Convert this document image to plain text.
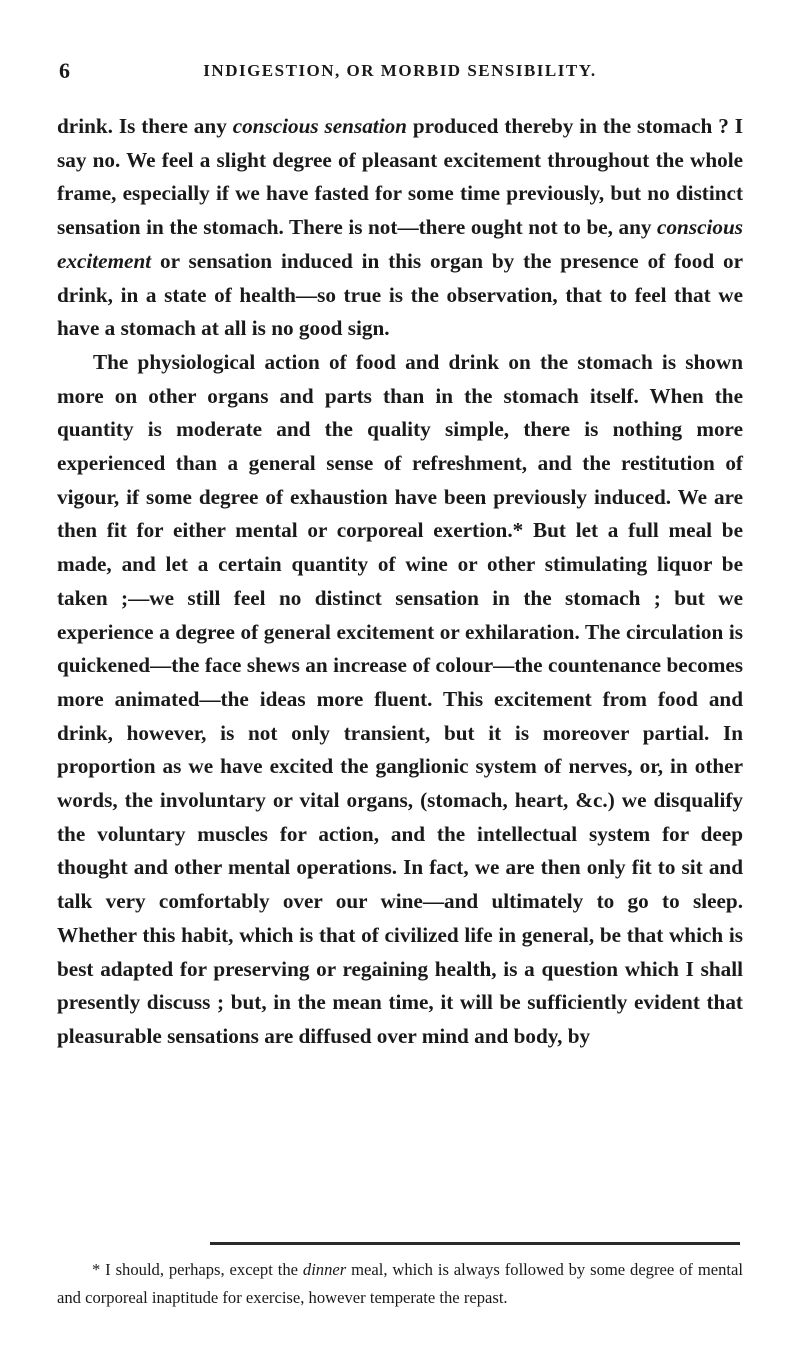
6	INDIGESTION, OR MORBID SENSIBILITY.

drink. Is there any conscious sensation produced thereby in the stomach ? I say no. We feel a slight degree of pleasant excitement throughout the whole frame, especially if we have fasted for some time previously, but no distinct sensation in the stomach. There is not—there ought not to be, any conscious excitement or sensation induced in this organ by the presence of food or drink, in a state of health—so true is the observation, that to feel that we have a stomach at all is no good sign.

The physiological action of food and drink on the stomach is shown more on other organs and parts than in the stomach itself. When the quantity is moderate and the quality simple, there is nothing more experienced than a general sense of refreshment, and the restitution of vigour, if some degree of exhaustion have been previously induced. We are then fit for either mental or corporeal exertion.* But let a full meal be made, and let a certain quantity of wine or other stimulating liquor be taken ;—we still feel no distinct sensation in the stomach ; but we experience a degree of general excitement or exhilaration. The circulation is quickened—the face shews an increase of colour—the countenance becomes more animated—the ideas more fluent. This excitement from food and drink, however, is not only transient, but it is moreover partial. In proportion as we have excited the ganglionic system of nerves, or, in other words, the involuntary or vital organs, (stomach, heart, &c.) we disqualify the voluntary muscles for action, and the intellectual system for deep thought and other mental operations. In fact, we are then only fit to sit and talk very comfortably over our wine—and ultimately to go to sleep. Whether this habit, which is that of civilized life in general, be that which is best adapted for preserving or regaining health, is a question which I shall presently discuss ; but, in the mean time, it will be sufficiently evident that pleasurable sensations are diffused over mind and body, by

* I should, perhaps, except the dinner meal, which is always followed by some degree of mental and corporeal inaptitude for exercise, however temperate the repast.
